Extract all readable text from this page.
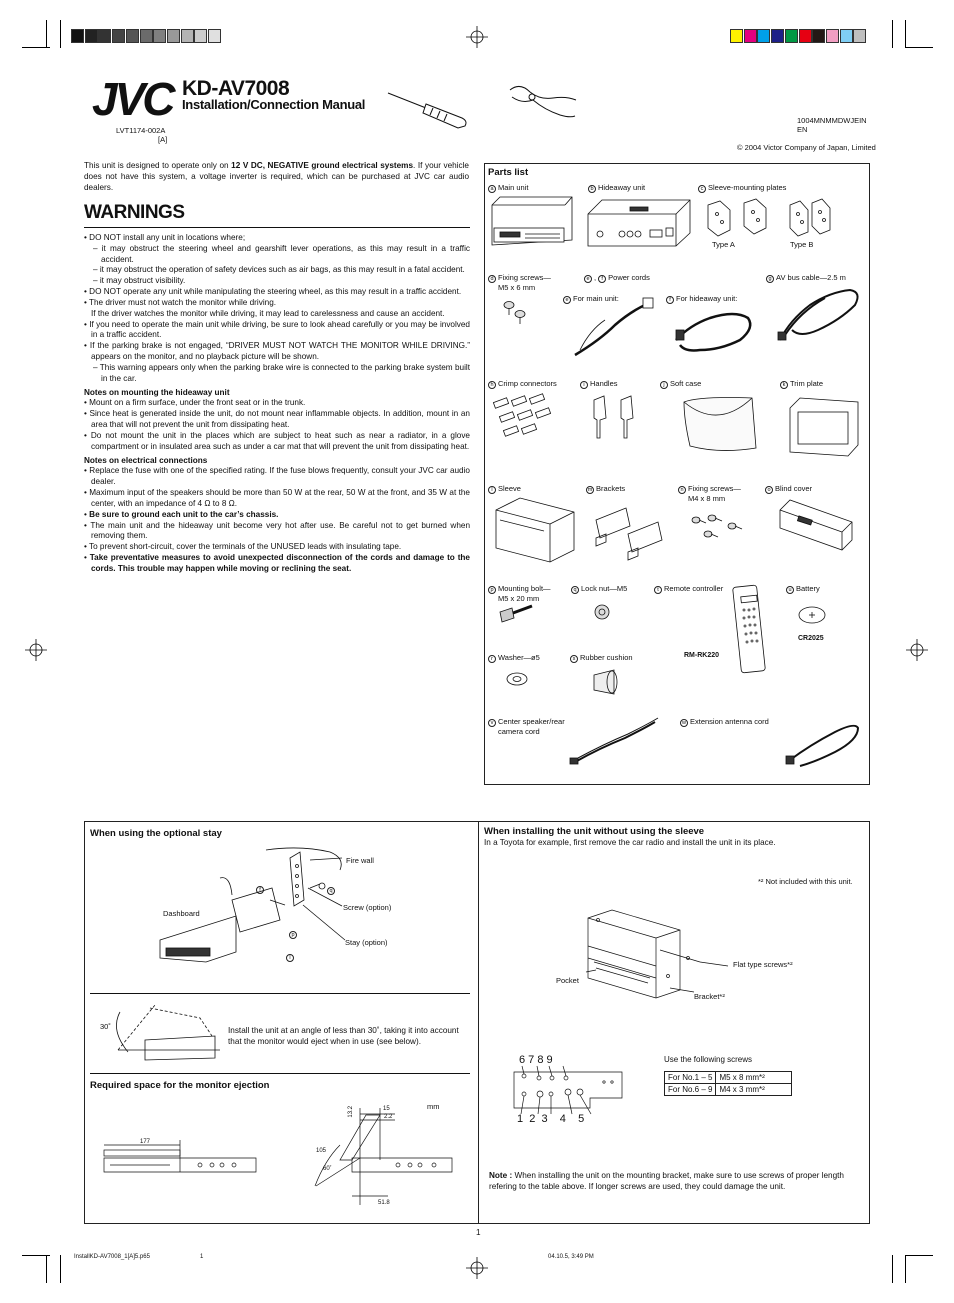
JVC KD-AV7008
Installation/Connection Manual
LVT1174-002A
[A]
1004MNMMDWJEIN
EN
© 2004 Victor Company of Japan, Limited
This unit is designed to operate only on 12 V DC, NEGATIVE ground electrical systems. If your vehicle does not have this system, a voltage inverter is required, which can be purchased at JVC car audio dealers.
WARNINGS
• DO NOT install any unit in locations where;
– it may obstruct the steering wheel and gearshift lever operations, as this may result in a traffic accident.
– it may obstruct the operation of safety devices such as air bags, as this may result in a fatal accident.
– it may obstruct visibility.
• DO NOT operate any unit while manipulating the steering wheel, as this may result in a traffic accident.
• The driver must not watch the monitor while driving.
If the driver watches the monitor while driving, it may lead to carelessness and cause an accident.
• If you need to operate the main unit while driving, be sure to look ahead carefully or you may be involved in a traffic accident.
• If the parking brake is not engaged, “DRIVER MUST NOT WATCH THE MONITOR WHILE DRIVING.” appears on the monitor, and no playback picture will be shown.
– This warning appears only when the parking brake wire is connected to the parking brake system built in the car.
Notes on mounting the hideaway unit
• Mount on a firm surface, under the front seat or in the trunk.
• Since heat is generated inside the unit, do not mount near inflammable objects. In addition, mount in an area that will not prevent the unit from dissipating heat.
• Do not mount the unit in the places which are subject to heat such as near a radiator, in a glove compartment or in insulated area such as under a car mat that will prevent the unit from dissipating heat.
Notes on electrical connections
• Replace the fuse with one of the specified rating. If the fuse blows frequently, consult your JVC car audio dealer.
• Maximum input of the speakers should be more than 50 W at the rear, 50 W at the front, and 35 W at the center, with an impedance of 4 Ω to 8 Ω.
• Be sure to ground each unit to the car’s chassis.
• The main unit and the hideaway unit become very hot after use. Be careful not to get burned when removing them.
• To prevent short-circuit, cover the terminals of the UNUSED leads with insulating tape.
• Take preventative measures to avoid unexpected disconnection of the cords and damage to the cords. This trouble may happen while moving or reclining the seat.
Parts list
a Main unit	b Hideaway unit	c Sleeve-mounting plates
Type A	Type B
d Fixing screws—
M5 x 6 mm
e , f Power cords
e For main unit:	f For hideaway unit:
g AV bus cable—2.5 m
h Crimp connectors	i Handles	j Soft case	k Trim plate
l Sleeve	m Brackets	n Fixing screws—
M4 x 8 mm
o Blind cover
p Mounting bolt—
M5 x 20 mm
q Lock nut—M5	t Remote controller
RM-RK220
u Battery
CR2025
r Washer—ø5	s Rubber cushion
v Center speaker/rear
camera cord
w Extension antenna cord
When using the optional stay
Fire wall
Dashboard
Screw (option)
Stay (option)
f	q
p
l
30˚	Install the unit at an angle of less than 30˚, taking it into account that the monitor would eject when in use (see below).
Required space for the monitor ejection
mm
177
15
2.2
105
60˚
51.8
13.2
When installing the unit without using the sleeve
In a Toyota for example, first remove the car radio and install the unit in its place.
*² Not included with this unit.
Flat type screws*²
Pocket
Bracket*²
6 7 8 9
1  2  3    4    5
Use the following screws
For No.1 – 5	M5 x 8 mm*²
For No.6 – 9	M4 x 3 mm*²
Note : When installing the unit on the mounting bracket, make sure to use screws of proper length refering to the table above. If longer screws are used, they could damage the unit.
1
InstallKD-AV7008_1[A]5.p65	1	04.10.5, 3:49 PM
